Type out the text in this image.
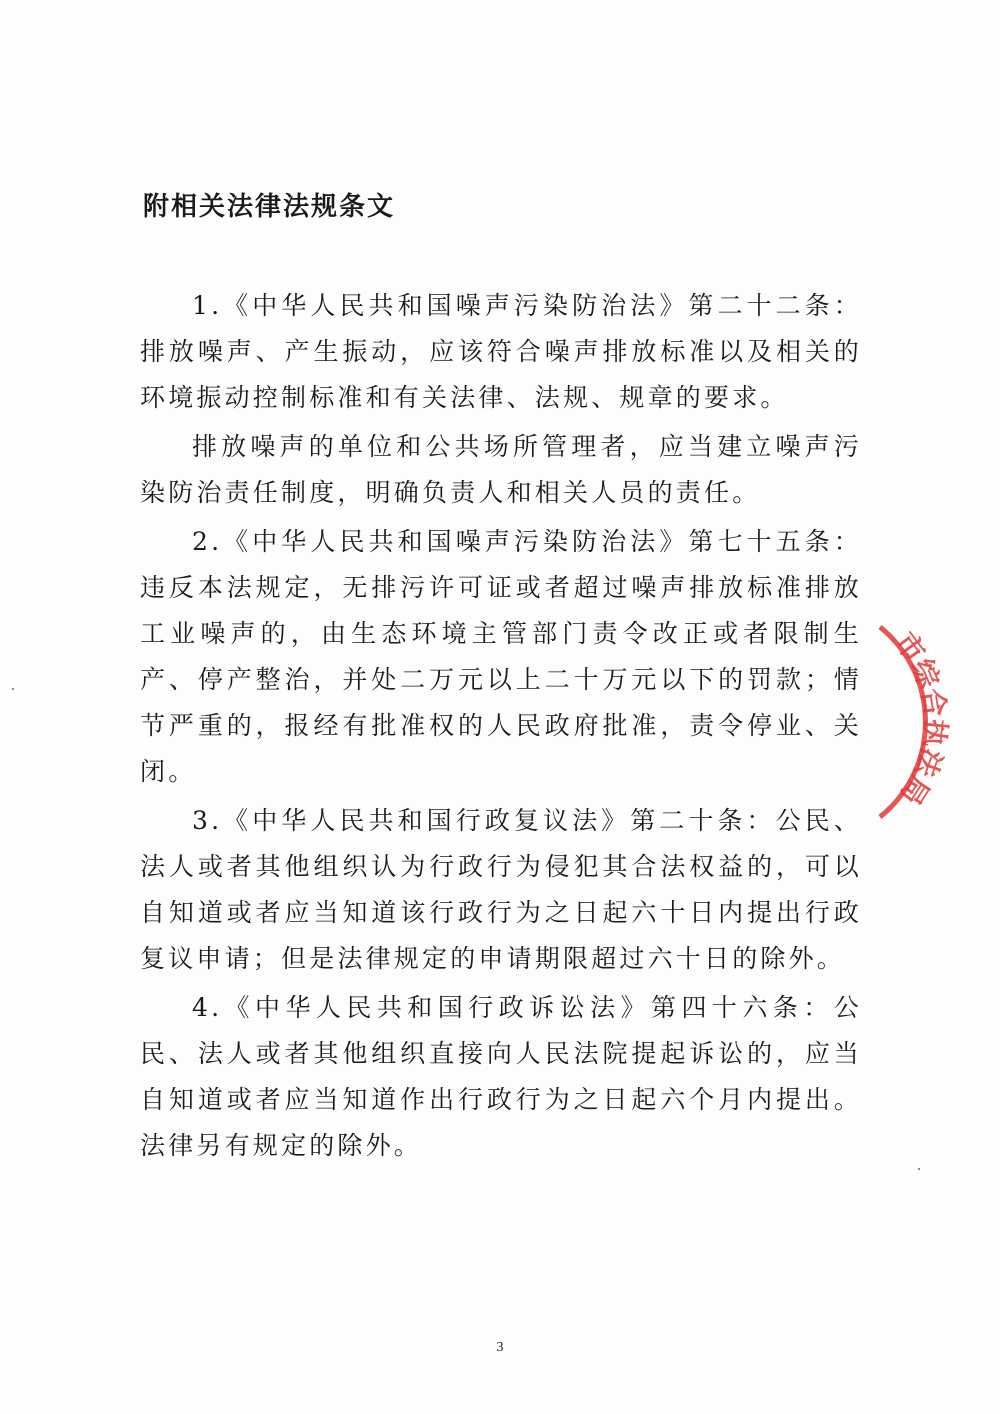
附相关法律法规条文

1.《中华人民共和国噪声污染防治法》第二十二条：排放噪声、产生振动，应该符合噪声排放标准以及相关的环境振动控制标准和有关法律、法规、规章的要求。

排放噪声的单位和公共场所管理者，应当建立噪声污染防治责任制度，明确负责人和相关人员的责任。

2.《中华人民共和国噪声污染防治法》第七十五条：违反本法规定，无排污许可证或者超过噪声排放标准排放工业噪声的，由生态环境主管部门责令改正或者限制生产、停产整治，并处二万元以上二十万元以下的罚款；情节严重的，报经有批准权的人民政府批准，责令停业、关闭。

3.《中华人民共和国行政复议法》第二十条：公民、法人或者其他组织认为行政行为侵犯其合法权益的，可以自知道或者应当知道该行政行为之日起六十日内提出行政复议申请；但是法律规定的申请期限超过六十日的除外。

4.《中华人民共和国行政诉讼法》第四十六条：公民、法人或者其他组织直接向人民法院提起诉讼的，应当自知道或者应当知道作出行政行为之日起六个月内提出。法律另有规定的除外。

市综合执法局
3
